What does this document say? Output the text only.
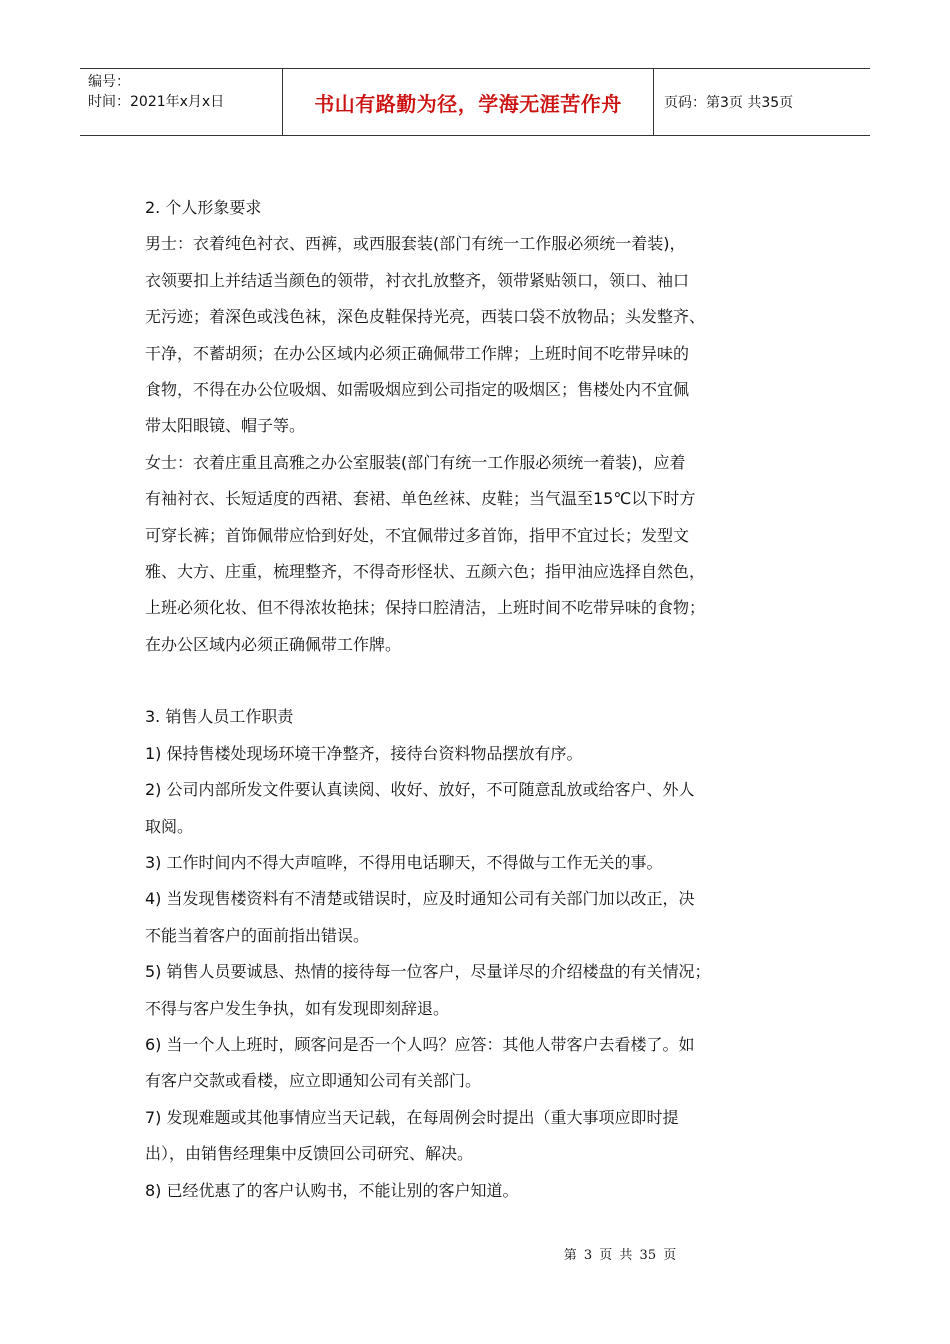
编号：
时间：2021年x月x日	书山有路勤为径，学海无涯苦作舟	页码：第3页 共35页

2. 个人形象要求

男士：衣着纯色衬衣、西裤，或西服套装(部门有统一工作服必须统一着装)，

衣领要扣上并结适当颜色的领带，衬衣扎放整齐，领带紧贴领口，领口、袖口

无污迹；着深色或浅色袜，深色皮鞋保持光亮，西装口袋不放物品；头发整齐、

干净，不蓄胡须；在办公区域内必须正确佩带工作牌；上班时间不吃带异味的

食物，不得在办公位吸烟、如需吸烟应到公司指定的吸烟区；售楼处内不宜佩

带太阳眼镜、帽子等。

女士：衣着庄重且高雅之办公室服装(部门有统一工作服必须统一着装)，应着

有袖衬衣、长短适度的西裙、套裙、单色丝袜、皮鞋；当气温至15℃以下时方

可穿长裤；首饰佩带应恰到好处，不宜佩带过多首饰，指甲不宜过长；发型文

雅、大方、庄重，梳理整齐，不得奇形怪状、五颜六色；指甲油应选择自然色，

上班必须化妆、但不得浓妆艳抹；保持口腔清洁，上班时间不吃带异味的食物；

在办公区域内必须正确佩带工作牌。

3. 销售人员工作职责

1) 保持售楼处现场环境干净整齐，接待台资料物品摆放有序。

2) 公司内部所发文件要认真读阅、收好、放好，不可随意乱放或给客户、外人

取阅。

3) 工作时间内不得大声喧哗，不得用电话聊天，不得做与工作无关的事。

4) 当发现售楼资料有不清楚或错误时，应及时通知公司有关部门加以改正，决

不能当着客户的面前指出错误。

5) 销售人员要诚恳、热情的接待每一位客户，尽量详尽的介绍楼盘的有关情况；

不得与客户发生争执，如有发现即刻辞退。

6) 当一个人上班时，顾客问是否一个人吗？应答：其他人带客户去看楼了。如

有客户交款或看楼，应立即通知公司有关部门。

7) 发现难题或其他事情应当天记载，在每周例会时提出（重大事项应即时提

出），由销售经理集中反馈回公司研究、解决。

8) 已经优惠了的客户认购书，不能让别的客户知道。

第 3 页 共 35 页
